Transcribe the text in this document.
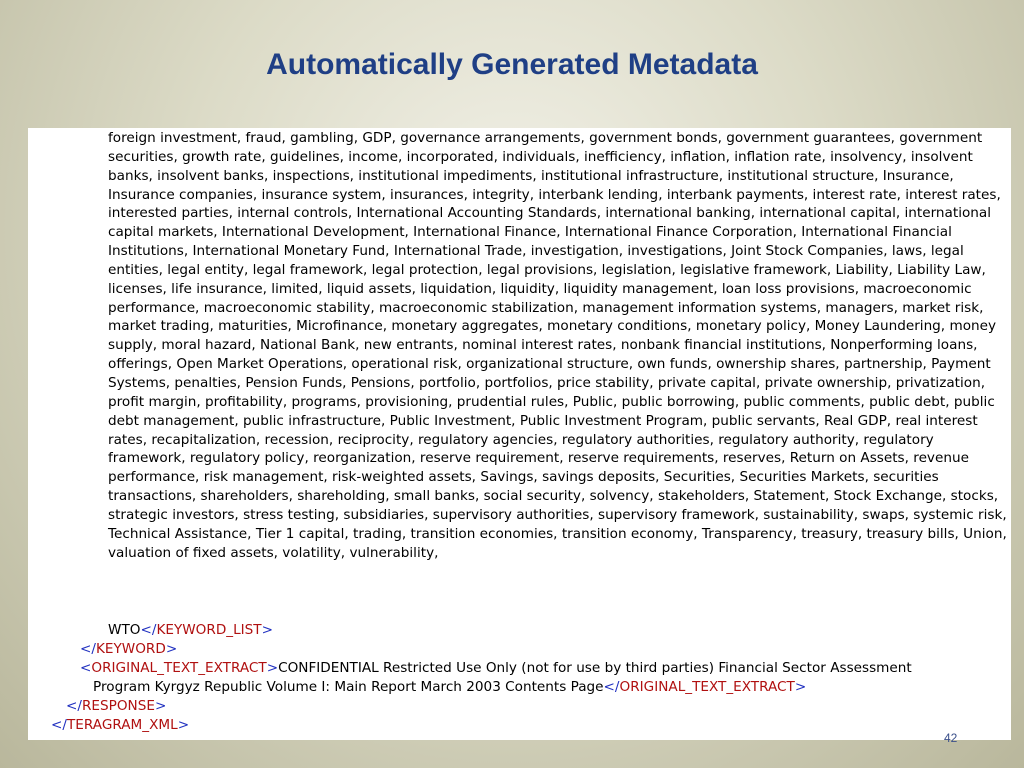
Automatically Generated Metadata

foreign investment, fraud, gambling, GDP, governance arrangements, government bonds, government guarantees, government securities, growth rate, guidelines, income, incorporated, individuals, inefficiency, inflation, inflation rate, insolvency, insolvent banks, insolvent banks, inspections, institutional impediments, institutional infrastructure, institutional structure, Insurance, Insurance companies, insurance system, insurances, integrity, interbank lending, interbank payments, interest rate, interest rates, interested parties, internal controls, International Accounting Standards, international banking, international capital, international capital markets, International Development, International Finance, International Finance Corporation, International Financial Institutions, International Monetary Fund, International Trade, investigation, investigations, Joint Stock Companies, laws, legal entities, legal entity, legal framework, legal protection, legal provisions, legislation, legislative framework, Liability, Liability Law, licenses, life insurance, limited, liquid assets, liquidation, liquidity, liquidity management, loan loss provisions, macroeconomic performance, macroeconomic stability, macroeconomic stabilization, management information systems, managers, market risk, market trading, maturities, Microfinance, monetary aggregates, monetary conditions, monetary policy, Money Laundering, money supply, moral hazard, National Bank, new entrants, nominal interest rates, nonbank financial institutions, Nonperforming loans, offerings, Open Market Operations, operational risk, organizational structure, own funds, ownership shares, partnership, Payment Systems, penalties, Pension Funds, Pensions, portfolio, portfolios, price stability, private capital, private ownership, privatization, profit margin, profitability, programs, provisioning, prudential rules, Public, public borrowing, public comments, public debt, public debt management, public infrastructure, Public Investment, Public Investment Program, public servants, Real GDP, real interest rates, recapitalization, recession, reciprocity, regulatory agencies, regulatory authorities, regulatory authority, regulatory framework, regulatory policy, reorganization, reserve requirement, reserve requirements, reserves, Return on Assets, revenue performance, risk management, risk-weighted assets, Savings, savings deposits, Securities, Securities Markets, securities transactions, shareholders, shareholding, small banks, social security, solvency, stakeholders, Statement, Stock Exchange, stocks, strategic investors, stress testing, subsidiaries, supervisory authorities, supervisory framework, sustainability, swaps, systemic risk, Technical Assistance, Tier 1 capital, trading, transition economies, transition economy, Transparency, treasury, treasury bills, Union, valuation of fixed assets, volatility, vulnerability,

WTO</KEYWORD_LIST>
</KEYWORD>
<ORIGINAL_TEXT_EXTRACT>CONFIDENTIAL Restricted Use Only (not for use by third parties) Financial Sector Assessment
Program Kyrgyz Republic Volume I: Main Report March 2003 Contents Page</ORIGINAL_TEXT_EXTRACT>
</RESPONSE>
</TERAGRAM_XML>
42
